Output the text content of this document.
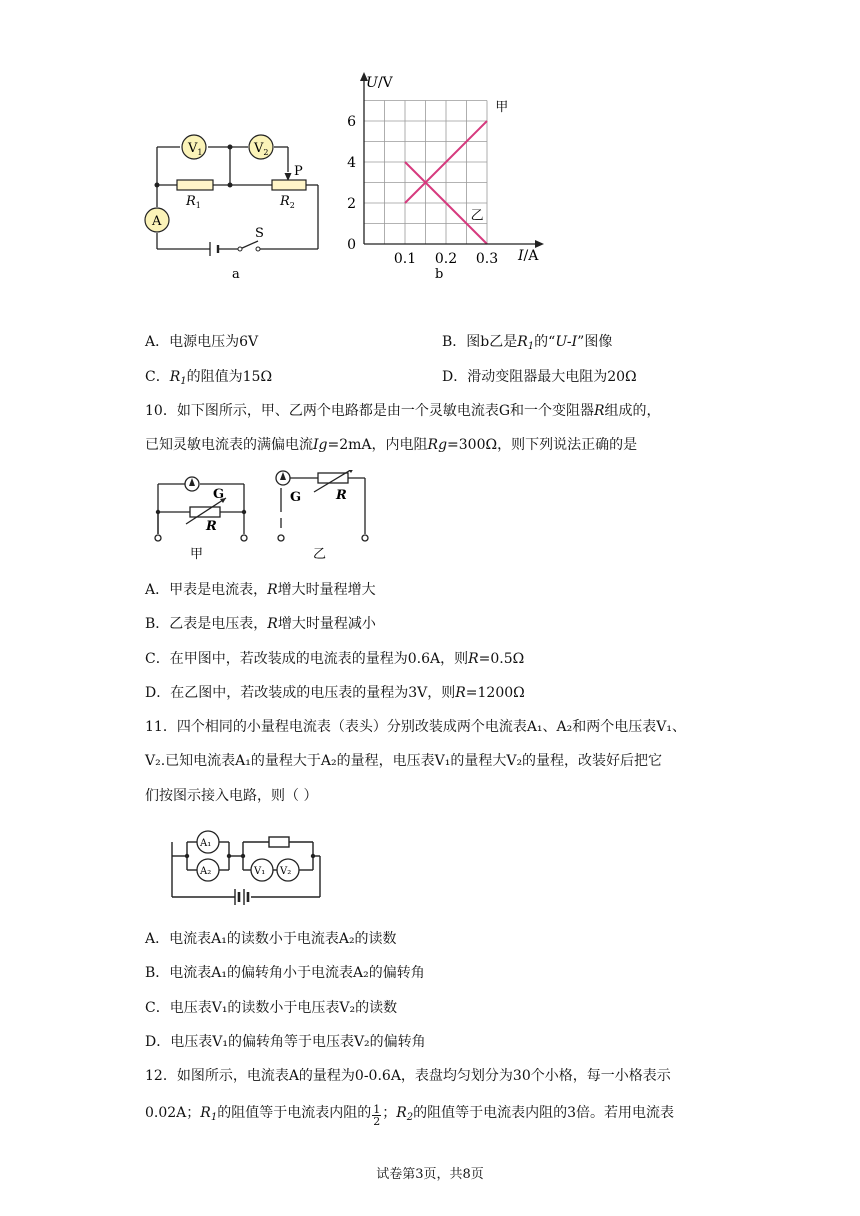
$V_1$	$V_2$
A
$R_1$	$R_2$
P
S
a
U/V
I/A
6
4
2
0
0.1 0.2 0.3
甲
乙
b
A．电源电压为6V	B．图b乙是$R_1$的“U-I”图像
C．$R_1$的阻值为15Ω	D．滑动变阻器最大电阻为20Ω
10．如下图所示，甲、乙两个电路都是由一个灵敏电流表G和一个变阻器R组成的，
已知灵敏电流表的满偏电流Ig=2mA，内电阻Rg=300Ω，则下列说法正确的是
G
R
G	R
甲	乙
A．甲表是电流表，R增大时量程增大
B．乙表是电压表，R增大时量程减小
C．在甲图中，若改装成的电流表的量程为0.6A，则R=0.5Ω
D．在乙图中，若改装成的电压表的量程为3V，则R=1200Ω
11．四个相同的小量程电流表（表头）分别改装成两个电流表A₁、A₂和两个电压表V₁、
V₂.已知电流表A₁的量程大于A₂的量程，电压表V₁的量程大V₂的量程，改装好后把它
们按图示接入电路，则（ ）
A₁
A₂	V₁ V₂
A．电流表A₁的读数小于电流表A₂的读数
B．电流表A₁的偏转角小于电流表A₂的偏转角
C．电压表V₁的读数小于电压表V₂的读数
D．电压表V₁的偏转角等于电压表V₂的偏转角
12．如图所示，电流表A的量程为0-0.6A，表盘均匀划分为30个小格，每一小格表示
0.02A；$R_1$的阻值等于电流表内阻的 $\frac{1}{2}$ ；$R_2$的阻值等于电流表内阻的3倍。若用电流表
试卷第3页，共8页
